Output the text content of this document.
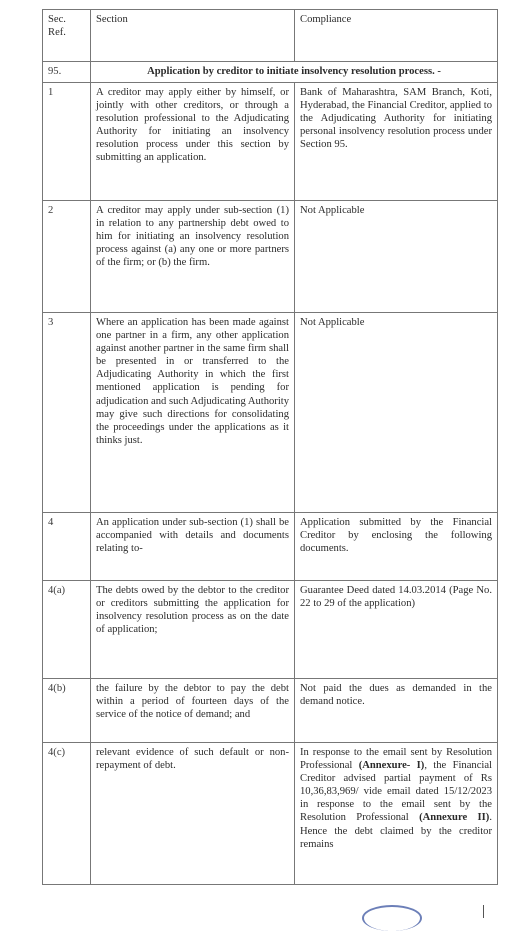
Sec. Ref.	Section	Compliance
95.	Application by creditor to initiate insolvency resolution process. -	
1	A creditor may apply either by himself, or jointly with other creditors, or through a resolution professional to the Adjudicating Authority for initiating an insolvency resolution process under this section by submitting an application.	Bank of Maharashtra, SAM Branch, Koti, Hyderabad, the Financial Creditor, applied to the Adjudicating Authority for initiating personal insolvency resolution process under Section 95.
2	A creditor may apply under sub-section (1) in relation to any partnership debt owed to him for initiating an insolvency resolution process against (a) any one or more partners of the firm; or (b) the firm.	Not Applicable
3	Where an application has been made against one partner in a firm, any other application against another partner in the same firm shall be presented in or transferred to the Adjudicating Authority in which the first mentioned application is pending for adjudication and such Adjudicating Authority may give such directions for consolidating the proceedings under the applications as it thinks just.	Not Applicable
4	An application under sub-section (1) shall be accompanied with details and documents relating to-	Application submitted by the Financial Creditor by enclosing the following documents.
4(a)	The debts owed by the debtor to the creditor or creditors submitting the application for insolvency resolution process as on the date of application;	Guarantee Deed dated 14.03.2014 (Page No. 22 to 29 of the application)
4(b)	the failure by the debtor to pay the debt within a period of fourteen days of the service of the notice of demand; and	Not paid the dues as demanded in the demand notice.
4(c)	relevant evidence of such default or non-repayment of debt.	In response to the email sent by Resolution Professional (Annexure- I), the Financial Creditor advised partial payment of Rs 10,36,83,969/ vide email dated 15/12/2023 in response to the email sent by the Resolution Professional (Annexure II). Hence the debt claimed by the creditor remains
